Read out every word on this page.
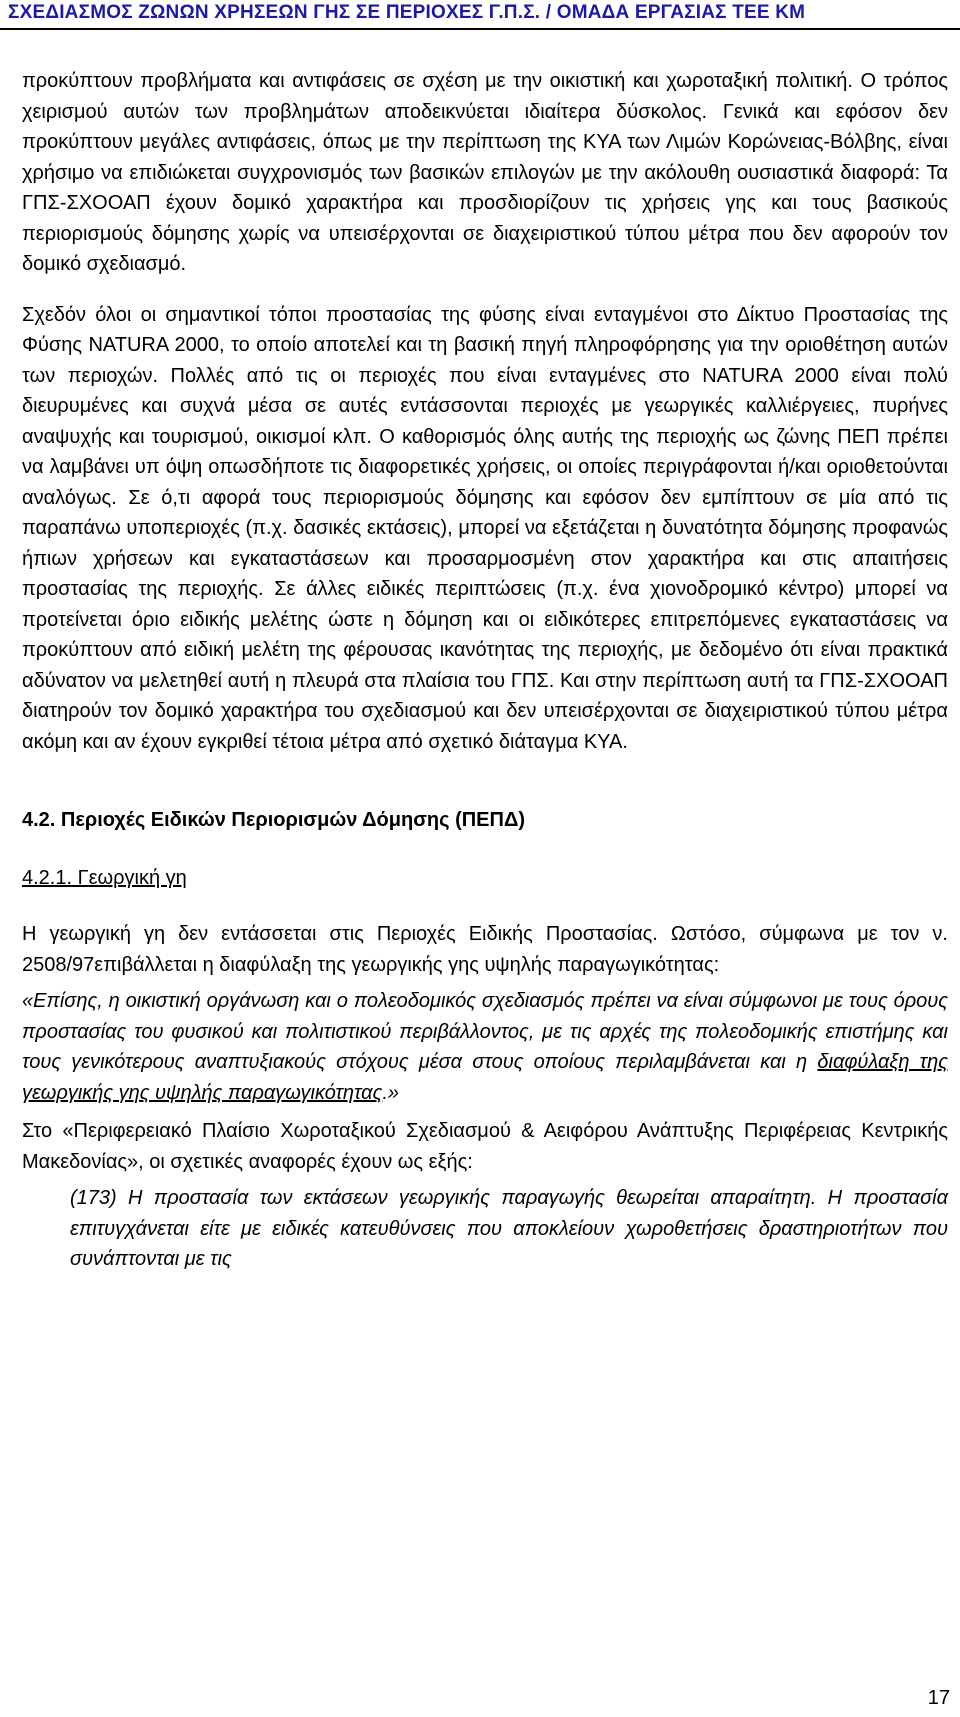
ΣΧΕΔΙΑΣΜΟΣ ΖΩΝΩΝ ΧΡΗΣΕΩΝ ΓΗΣ ΣΕ ΠΕΡΙΟΧΕΣ Γ.Π.Σ. / ΟΜΑΔΑ ΕΡΓΑΣΙΑΣ ΤΕΕ ΚΜ

προκύπτουν προβλήματα και αντιφάσεις σε σχέση με την οικιστική και χωροταξική πολιτική. Ο τρόπος χειρισμού αυτών των προβλημάτων αποδεικνύεται ιδιαίτερα δύσκολος. Γενικά και εφόσον δεν προκύπτουν μεγάλες αντιφάσεις, όπως με την περίπτωση της ΚΥΑ των Λιμών Κορώνειας-Βόλβης, είναι χρήσιμο να επιδιώκεται συγχρονισμός των βασικών επιλογών με την ακόλουθη ουσιαστικά διαφορά: Τα ΓΠΣ-ΣΧΟΟΑΠ έχουν δομικό χαρακτήρα και προσδιορίζουν τις χρήσεις γης και τους βασικούς περιορισμούς δόμησης χωρίς να υπεισέρχονται σε διαχειριστικού τύπου μέτρα που δεν αφορούν τον δομικό σχεδιασμό.

Σχεδόν όλοι οι σημαντικοί τόποι προστασίας της φύσης είναι ενταγμένοι στο Δίκτυο Προστασίας της Φύσης NATURA 2000, το οποίο αποτελεί και τη βασική πηγή πληροφόρησης για την οριοθέτηση αυτών των περιοχών. Πολλές από τις οι περιοχές που είναι ενταγμένες στο NATURA 2000 είναι πολύ διευρυμένες και συχνά μέσα σε αυτές εντάσσονται περιοχές με γεωργικές καλλιέργειες, πυρήνες αναψυχής και τουρισμού, οικισμοί κλπ. Ο καθορισμός όλης αυτής της περιοχής ως ζώνης ΠΕΠ πρέπει να λαμβάνει υπ όψη οπωσδήποτε τις διαφορετικές χρήσεις, οι οποίες περιγράφονται ή/και οριοθετούνται αναλόγως. Σε ό,τι αφορά τους περιορισμούς δόμησης και εφόσον δεν εμπίπτουν σε μία από τις παραπάνω υποπεριοχές (π.χ. δασικές εκτάσεις), μπορεί να εξετάζεται η δυνατότητα δόμησης προφανώς ήπιων χρήσεων και εγκαταστάσεων και προσαρμοσμένη στον χαρακτήρα και στις απαιτήσεις προστασίας της περιοχής. Σε άλλες ειδικές περιπτώσεις (π.χ. ένα χιονοδρομικό κέντρο) μπορεί να προτείνεται όριο ειδικής μελέτης ώστε η δόμηση και οι ειδικότερες επιτρεπόμενες εγκαταστάσεις να προκύπτουν από ειδική μελέτη της φέρουσας ικανότητας της περιοχής, με δεδομένο ότι είναι πρακτικά αδύνατον να μελετηθεί αυτή η πλευρά στα πλαίσια του ΓΠΣ. Και στην περίπτωση αυτή τα ΓΠΣ-ΣΧΟΟΑΠ διατηρούν τον δομικό χαρακτήρα του σχεδιασμού και δεν υπεισέρχονται σε διαχειριστικού τύπου μέτρα ακόμη και αν έχουν εγκριθεί τέτοια μέτρα από σχετικό διάταγμα ΚΥΑ.

4.2. Περιοχές Ειδικών Περιορισμών Δόμησης (ΠΕΠΔ)
4.2.1. Γεωργική γη

Η γεωργική γη δεν εντάσσεται στις Περιοχές Ειδικής Προστασίας. Ωστόσο, σύμφωνα με τον ν. 2508/97επιβάλλεται η διαφύλαξη της γεωργικής γης υψηλής παραγωγικότητας:

«Επίσης, η οικιστική οργάνωση και ο πολεοδομικός σχεδιασμός πρέπει να είναι σύμφωνοι με τους όρους προστασίας του φυσικού και πολιτιστικού περιβάλλοντος, με τις αρχές της πολεοδομικής επιστήμης και τους γενικότερους αναπτυξιακούς στόχους μέσα στους οποίους περιλαμβάνεται και η διαφύλαξη της γεωργικής γης υψηλής παραγωγικότητας.»

Στο «Περιφερειακό Πλαίσιο Χωροταξικού Σχεδιασμού & Αειφόρου Ανάπτυξης Περιφέρειας Κεντρικής Μακεδονίας», οι σχετικές αναφορές έχουν ως εξής:

(173) Η προστασία των εκτάσεων γεωργικής παραγωγής θεωρείται απαραίτητη. Η προστασία επιτυγχάνεται είτε με ειδικές κατευθύνσεις που αποκλείουν χωροθετήσεις δραστηριοτήτων που συνάπτονται με τις

17
